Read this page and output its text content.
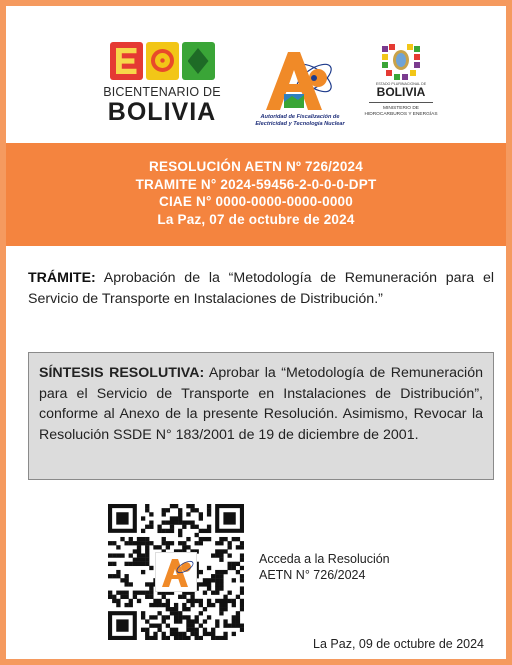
BICENTENARIO DE
BOLIVIA	Autoridad de Fiscalización de
Electricidad y Tecnología Nuclear
ESTADO PLURINACIONAL DE
BOLIVIA
MINISTERIO DE
HIDROCARBUROS Y ENERGÍAS
RESOLUCIÓN AETN Nº 726/2024
TRAMITE N° 2024-59456-2-0-0-0-DPT
CIAE N° 0000-0000-0000-0000
La Paz, 07 de octubre de 2024
TRÁMITE: Aprobación de la “Metodología de Remuneración para el Servicio de Transporte en Instalaciones de Distribución.”
SÍNTESIS RESOLUTIVA: Aprobar la “Metodología de Remuneración para el Servicio de Transporte en Instalaciones de Distribución”, conforme al Anexo de la presente Resolución. Asimismo, Revocar la Resolución SSDE N° 183/2001 de 19 de diciembre de 2001.
Acceda a la Resolución
AETN N° 726/2024
La Paz, 09 de octubre de 2024
